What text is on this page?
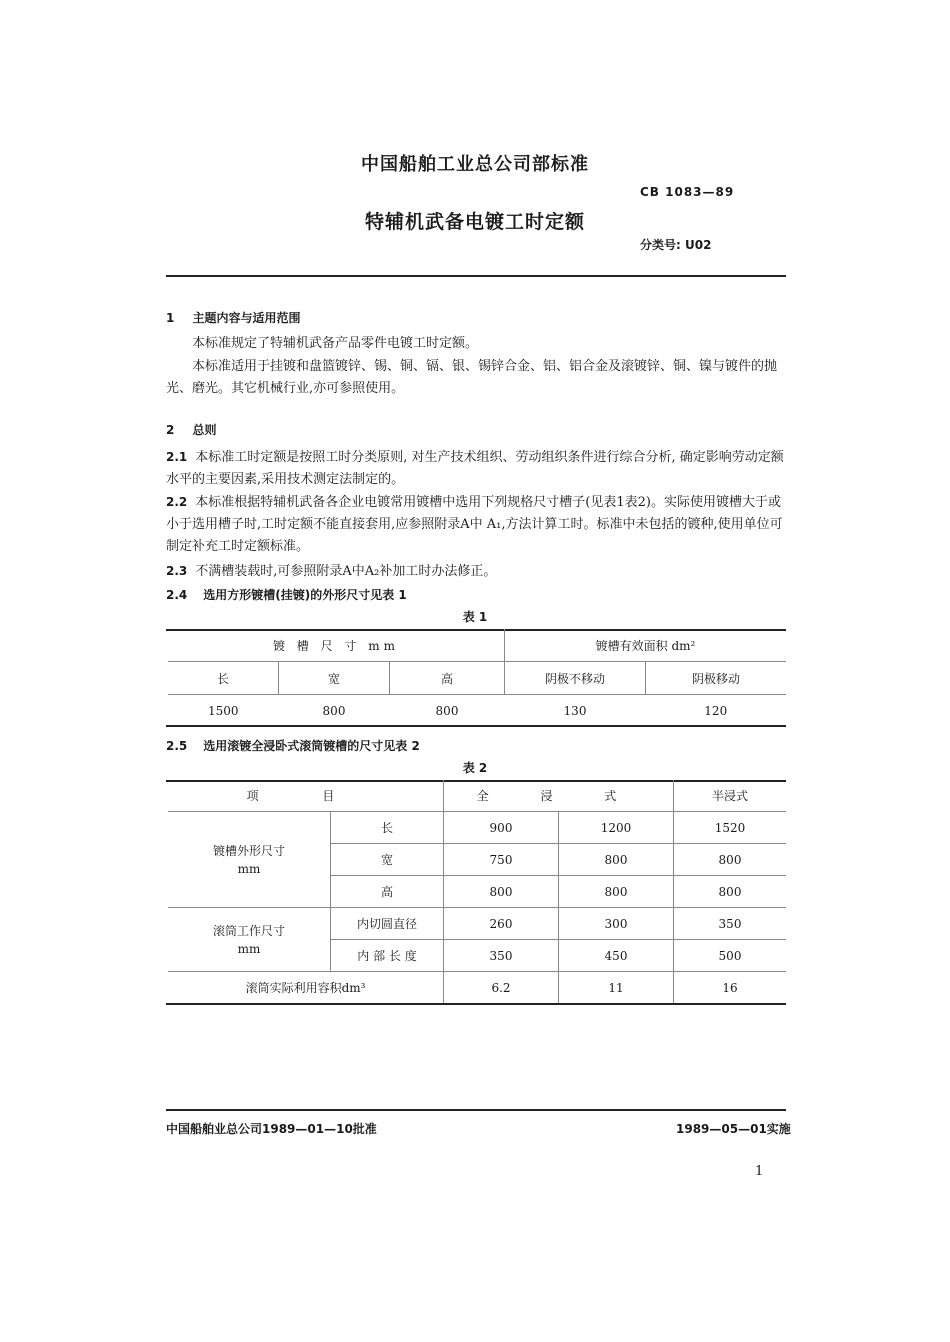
中国船舶工业总公司部标准
CB 1083—89
特辅机武备电镀工时定额
分类号: U02
1 主题内容与适用范围
本标准规定了特辅机武备产品零件电镀工时定额。
本标准适用于挂镀和盘篮镀锌、锡、铜、镉、银、锡锌合金、铝、铝合金及滚镀锌、铜、镍与镀件的抛光、磨光。其它机械行业,亦可参照使用。
2 总则
2.1 本标准工时定额是按照工时分类原则, 对生产技术组织、劳动组织条件进行综合分析, 确定影响劳动定额水平的主要因素,采用技术测定法制定的。
2.2 本标准根据特辅机武备各企业电镀常用镀槽中选用下列规格尺寸槽子(见表1表2)。实际使用镀槽大于或小于选用槽子时,工时定额不能直接套用,应参照附录A中 A₁,方法计算工时。标准中未包括的镀种,使用单位可制定补充工时定额标准。
2.3 不满槽装载时,可参照附录A中A₂补加工时办法修正。
2.4 选用方形镀槽(挂镀)的外形尺寸见表 1
表 1
镀 槽 尺 寸 mm			镀槽有效面积 dm²	
长	宽	高	阴极不移动	阴极移动
1500	800	800	130	120
2.5 选用滚镀全浸卧式滚筒镀槽的尺寸见表 2
表 2
项 目		全 浸 式		半浸式

镀槽外形尺寸
mm	长	900	1200	1520
	宽	750	800	800
	高	800	800	800

滚筒工作尺寸
mm	内切圆直径	260	300	350
	内 部 长 度	350	450	500
滚筒实际利用容积dm³		6.2	11	16
中国船舶业总公司1989—01—10批准	1989—05—01实施
1
